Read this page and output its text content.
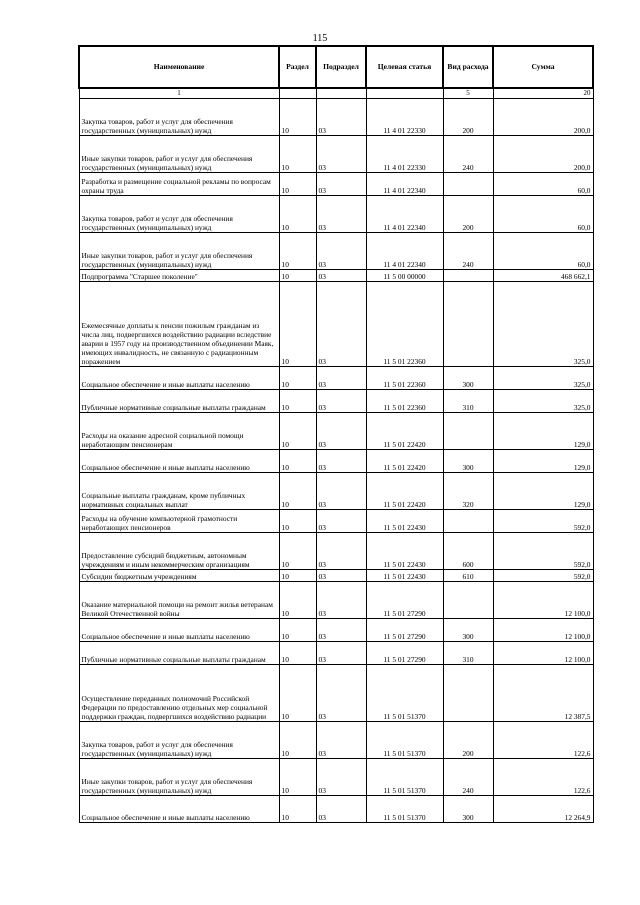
115
Наименование	Раздел	Подраздел	Целевая статья	Вид расхода	Сумма
1				5	20
Закупка товаров, работ и услуг для обеспечения государственных (муниципальных) нужд	10	03	11 4 01 22330	200	200,0
Иные закупки товаров, работ и услуг для обеспечения государственных (муниципальных) нужд	10	03	11 4 01 22330	240	200,0
Разработка и размещение социальной рекламы по вопросам охраны труда	10	03	11 4 01 22340		60,0
Закупка товаров, работ и услуг для обеспечения государственных (муниципальных) нужд	10	03	11 4 01 22340	200	60,0
Иные закупки товаров, работ и услуг для обеспечения государственных (муниципальных) нужд	10	03	11 4 01 22340	240	60,0
Подпрограмма "Старшее поколение"	10	03	11 5 00 00000		468 662,1
Ежемесячные доплаты к пенсии пожилым гражданам из числа лиц, подвергшихся воздействию радиации вследствие аварии в 1957 году на производственном объединении Маяк, имеющих инвалидность, не связанную с радиационным поражением	10	03	11 5 01 22360		325,0
Социальное обеспечение и иные выплаты населению	10	03	11 5 01 22360	300	325,0
Публичные нормативные социальные выплаты гражданам	10	03	11 5 01 22360	310	325,0
Расходы на оказание адресной социальной помощи неработающим пенсионерам	10	03	11 5 01 22420		129,0
Социальное обеспечение и иные выплаты населению	10	03	11 5 01 22420	300	129,0
Социальные выплаты гражданам, кроме публичных нормативных социальных выплат	10	03	11 5 01 22420	320	129,0
Расходы на обучение компьютерной грамотности неработающих пенсионеров	10	03	11 5 01 22430		592,0
Предоставление субсидий бюджетным, автономным учреждениям и иным некоммерческим организациям	10	03	11 5 01 22430	600	592,0
Субсидии бюджетным учреждениям	10	03	11 5 01 22430	610	592,0
Оказание материальной помощи на ремонт жилья ветеранам Великой Отечественной войны	10	03	11 5 01 27290		12 100,0
Социальное обеспечение и иные выплаты населению	10	03	11 5 01 27290	300	12 100,0
Публичные нормативные социальные выплаты гражданам	10	03	11 5 01 27290	310	12 100,0
Осуществление переданных полномочий Российской Федерации по предоставлению отдельных мер социальной поддержки граждан, подвергшихся воздействию радиации	10	03	11 5 01 51370		12 387,5
Закупка товаров, работ и услуг для обеспечения государственных (муниципальных) нужд	10	03	11 5 01 51370	200	122,6
Иные закупки товаров, работ и услуг для обеспечения государственных (муниципальных) нужд	10	03	11 5 01 51370	240	122,6
Социальное обеспечение и иные выплаты населению	10	03	11 5 01 51370	300	12 264,9
